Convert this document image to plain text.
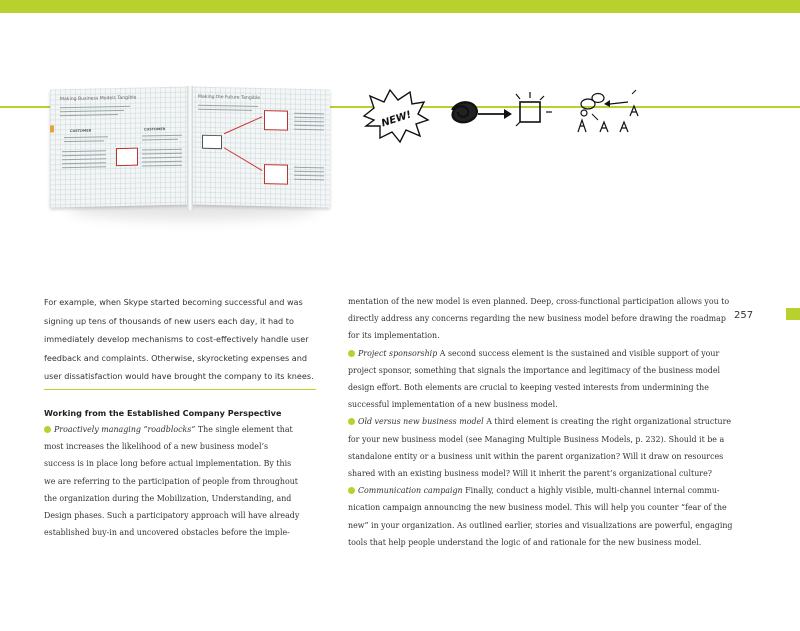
Making Business Models Tangible
CUSTOMER	CUSTOMER
Making the Future Tangible
NEW!
257

For example, when Skype started becoming successful and was

signing up tens of thousands of new users each day, it had to

immediately develop mechanisms to cost-effectively handle user

feedback and complaints. Otherwise, skyrocketing expenses and

user dissatisfaction would have brought the company to its knees.

Working from the Established Company Perspective

Proactively managing “roadblocks” The single element that

most increases the likelihood of a new business model’s

success is in place long before actual implementation. By this

we are referring to the participation of people from throughout

the organization during the Mobilization, Understanding, and

Design phases. Such a participatory approach will have already

established buy-in and uncovered obstacles before the imple-

mentation of the new model is even planned. Deep, cross-functional participation allows you to

directly address any concerns regarding the new business model before drawing the roadmap

for its implementation.

Project sponsorship A second success element is the sustained and visible support of your

project sponsor, something that signals the importance and legitimacy of the business model

design effort. Both elements are crucial to keeping vested interests from undermining the

successful implementation of a new business model.

Old versus new business model A third element is creating the right organizational structure

for your new business model (see Managing Multiple Business Models, p. 232). Should it be a

standalone entity or a business unit within the parent organization? Will it draw on resources

shared with an existing business model? Will it inherit the parent’s organizational culture?

Communication campaign Finally, conduct a highly visible, multi-channel internal commu-

nication campaign announcing the new business model. This will help you counter “fear of the

new” in your organization. As outlined earlier, stories and visualizations are powerful, engaging

tools that help people understand the logic of and rationale for the new business model.
